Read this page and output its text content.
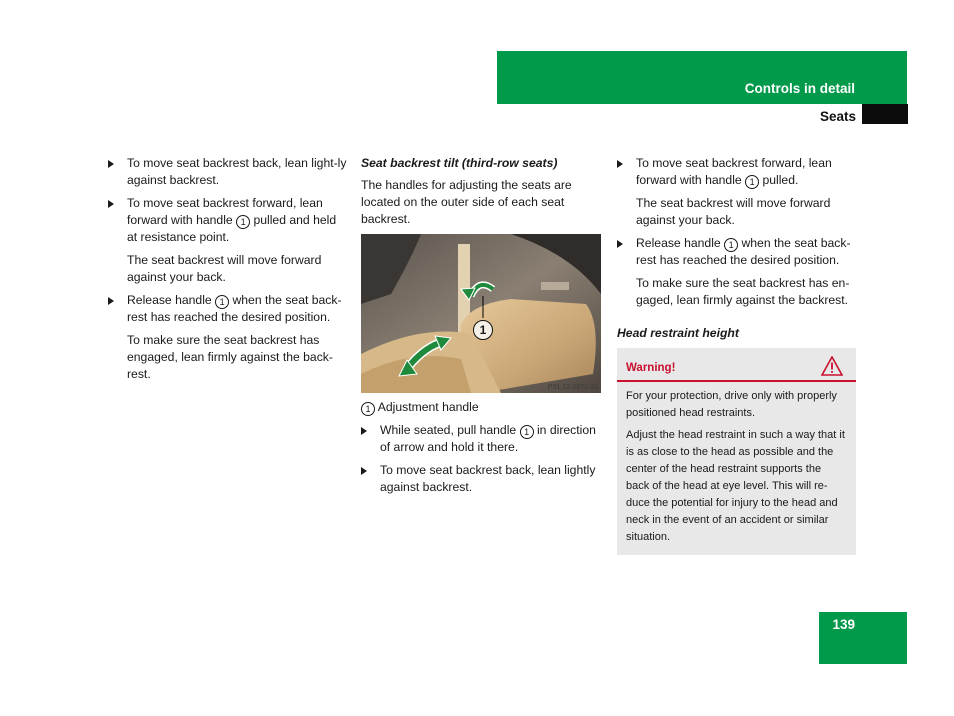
Controls in detail
Seats
To move seat backrest back, lean light-ly against backrest.
To move seat backrest forward, lean forward with handle 1 pulled and held at resistance point.

The seat backrest will move forward against your back.

Release handle 1 when the seat back-rest has reached the desired position.

To make sure the seat backrest has engaged, lean firmly against the back-rest.

Seat backrest tilt (third-row seats)

The handles for adjusting the seats are located on the outer side of each seat backrest.

1
P91.12-2871-31

1 Adjustment handle

While seated, pull handle 1 in direction of arrow and hold it there.
To move seat backrest back, lean lightly against backrest.
To move seat backrest forward, lean forward with handle 1 pulled.

The seat backrest will move forward against your back.

Release handle 1 when the seat back-rest has reached the desired position.

To make sure the seat backrest has en-gaged, lean firmly against the backrest.

Head restraint height

Warning!

For your protection, drive only with properly positioned head restraints.

Adjust the head restraint in such a way that it is as close to the head as possible and the center of the head restraint supports the back of the head at eye level. This will re-duce the potential for injury to the head and neck in the event of an accident or similar situation.

139
